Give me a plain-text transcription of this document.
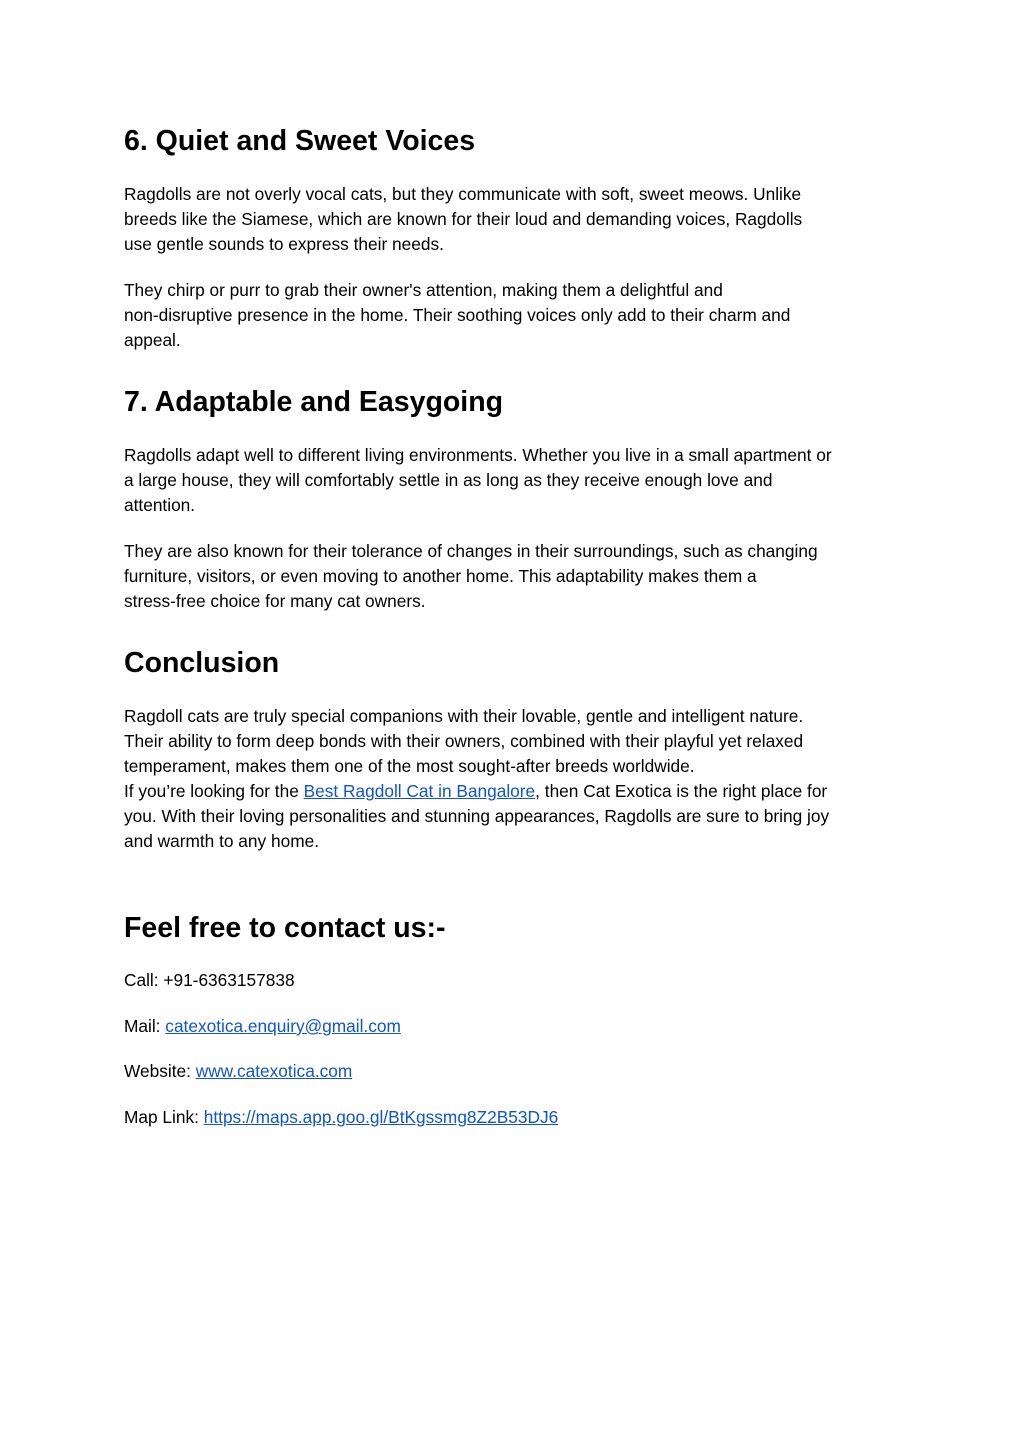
6. Quiet and Sweet Voices

Ragdolls are not overly vocal cats, but they communicate with soft, sweet meows. Unlike
breeds like the Siamese, which are known for their loud and demanding voices, Ragdolls
use gentle sounds to express their needs.

They chirp or purr to grab their owner's attention, making them a delightful and
non-disruptive presence in the home. Their soothing voices only add to their charm and
appeal.

7. Adaptable and Easygoing

Ragdolls adapt well to different living environments. Whether you live in a small apartment or
a large house, they will comfortably settle in as long as they receive enough love and
attention.

They are also known for their tolerance of changes in their surroundings, such as changing
furniture, visitors, or even moving to another home. This adaptability makes them a
stress-free choice for many cat owners.

Conclusion

Ragdoll cats are truly special companions with their lovable, gentle and intelligent nature.
Their ability to form deep bonds with their owners, combined with their playful yet relaxed
temperament, makes them one of the most sought-after breeds worldwide.
If you’re looking for the Best Ragdoll Cat in Bangalore, then Cat Exotica is the right place for
you. With their loving personalities and stunning appearances, Ragdolls are sure to bring joy
and warmth to any home.

Feel free to contact us:-

Call: +91-6363157838

Mail: catexotica.enquiry@gmail.com

Website: www.catexotica.com

Map Link: https://maps.app.goo.gl/BtKgssmg8Z2B53DJ6
